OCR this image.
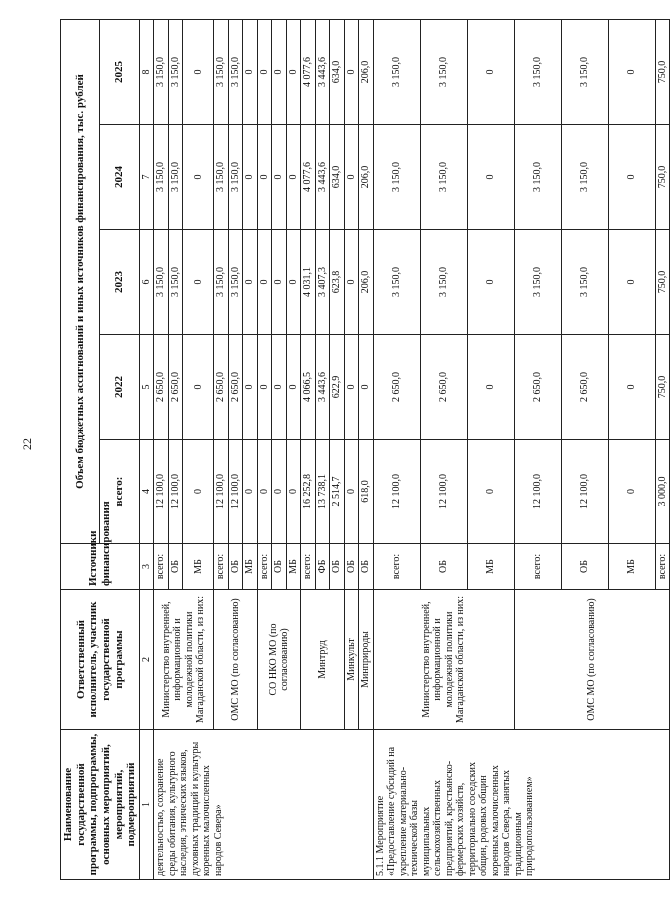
22
Наименование государственной программы, подпрограммы, основных мероприятий, мероприятий, подмероприятий	Ответственный исполнитель, участник государственной программы	Источники финансирования	Объем бюджетных ассигнований и иных источников финансирования, тыс. рублей				
			всего:	2022	2023	2024	2025
1	2	3	4	5	6	7	8
деятельностью, сохранение среды обитания, культурного наследия, этнических языков, духовных традиций и культуры коренных малочисленных народов Севера»	Министерство внутренней, информационной и молодежной политики Магаданской области, из них:	всего:	12 100,0	2 650,0	3 150,0	3 150,0	3 150,0
		ОБ	12 100,0	2 650,0	3 150,0	3 150,0	3 150,0
		МБ	0	0	0	0	0
	ОМС МО (по согласованию)	всего:	12 100,0	2 650,0	3 150,0	3 150,0	3 150,0
		ОБ	12 100,0	2 650,0	3 150,0	3 150,0	3 150,0
		МБ	0	0	0	0	0
	СО НКО МО (по согласованию)	всего:	0	0	0	0	0
		ОБ	0	0	0	0	0
		МБ	0	0	0	0	0
	Минтруд	всего:	16 252,8	4 066,5	4 031,1	4 077,6	4 077,6
		ФБ	13 738,1	3 443,6	3 407,3	3 443,6	3 443,6
		ОБ	2 514,7	622,9	623,8	634,0	634,0
	Минкульт	ОБ	0	0	0	0	0
	Минприроды	ОБ	618,0	0	206,0	206,0	206,0
5.1.1 Мероприятие «Предоставление субсидий на укрепление материально-технической базы муниципальных сельскохозяйственных предприятий, крестьянско-фермерских хозяйств, территориально соседских общин, родовых общин коренных малочисленных народов Севера, занятых традиционным природопользованием»	Министерство внутренней, информационной и молодежной политики Магаданской области, из них:	всего:	12 100,0	2 650,0	3 150,0	3 150,0	3 150,0
		ОБ	12 100,0	2 650,0	3 150,0	3 150,0	3 150,0
		МБ	0	0	0	0	0
	ОМС МО (по согласованию)	всего:	12 100,0	2 650,0	3 150,0	3 150,0	3 150,0
		ОБ	12 100,0	2 650,0	3 150,0	3 150,0	3 150,0
		МБ	0	0	0	0	0
		всего:	3 000,0	750,0	750,0	750,0	750,0
